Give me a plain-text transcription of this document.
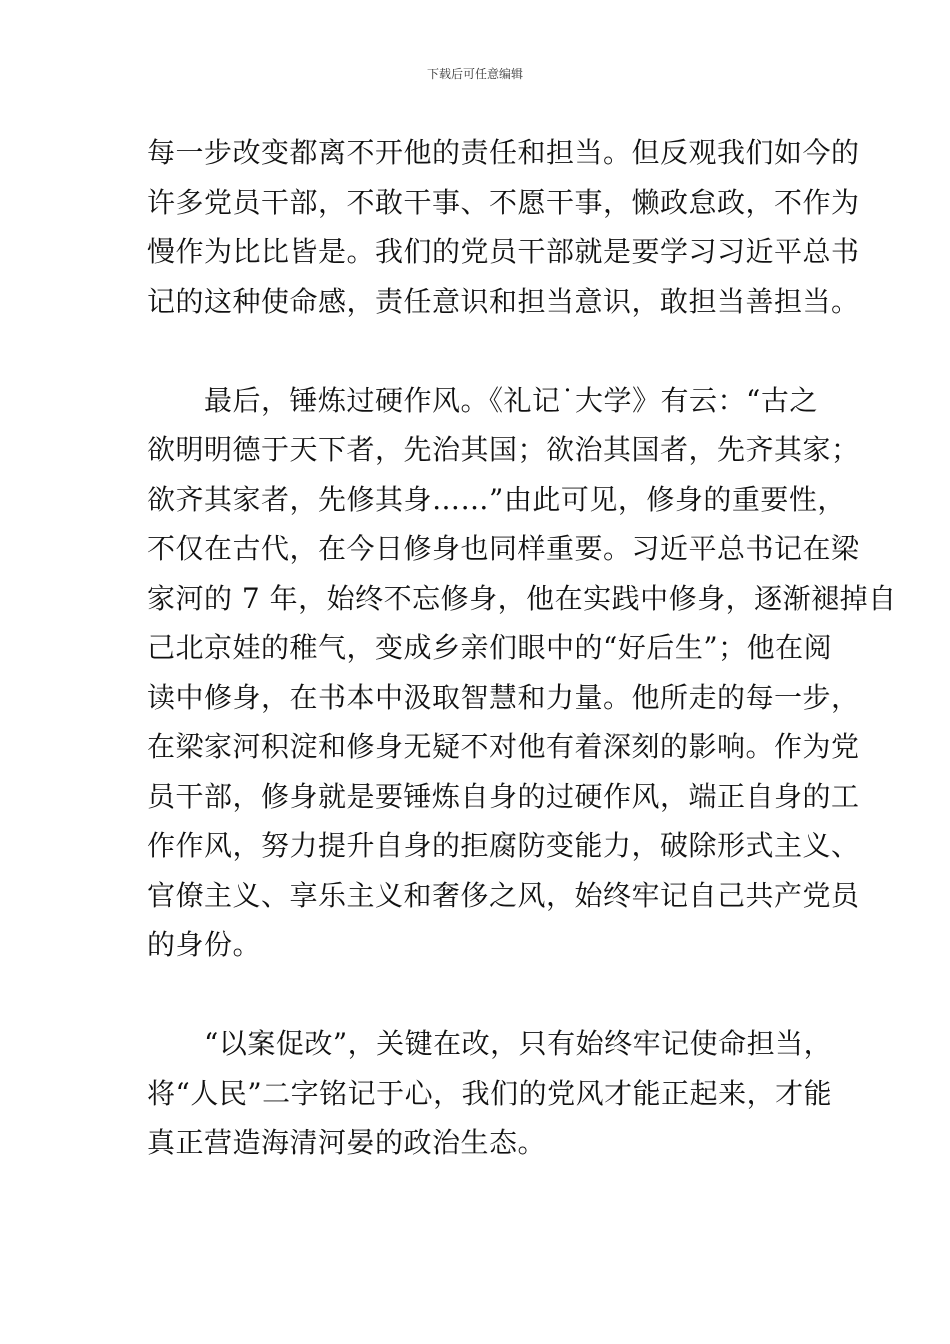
下载后可任意编辑
每一步改变都离不开他的责任和担当。但反观我们如今的
许多党员干部，不敢干事、不愿干事，懒政怠政，不作为
慢作为比比皆是。我们的党员干部就是要学习习近平总书
记的这种使命感，责任意识和担当意识，敢担当善担当。
　　最后，锤炼过硬作风。《礼记˙大学》有云：“古之
欲明明德于天下者，先治其国；欲治其国者，先齐其家；
欲齐其家者，先修其身……”由此可见，修身的重要性，
不仅在古代，在今日修身也同样重要。习近平总书记在梁
家河的 7 年，始终不忘修身，他在实践中修身，逐渐褪掉自
己北京娃的稚气，变成乡亲们眼中的“好后生”；他在阅
读中修身，在书本中汲取智慧和力量。他所走的每一步，
在梁家河积淀和修身无疑不对他有着深刻的影响。作为党
员干部，修身就是要锤炼自身的过硬作风，端正自身的工
作作风，努力提升自身的拒腐防变能力，破除形式主义、
官僚主义、享乐主义和奢侈之风，始终牢记自己共产党员
的身份。
　　“以案促改”，关键在改，只有始终牢记使命担当，
将“人民”二字铭记于心，我们的党风才能正起来，才能
真正营造海清河晏的政治生态。
